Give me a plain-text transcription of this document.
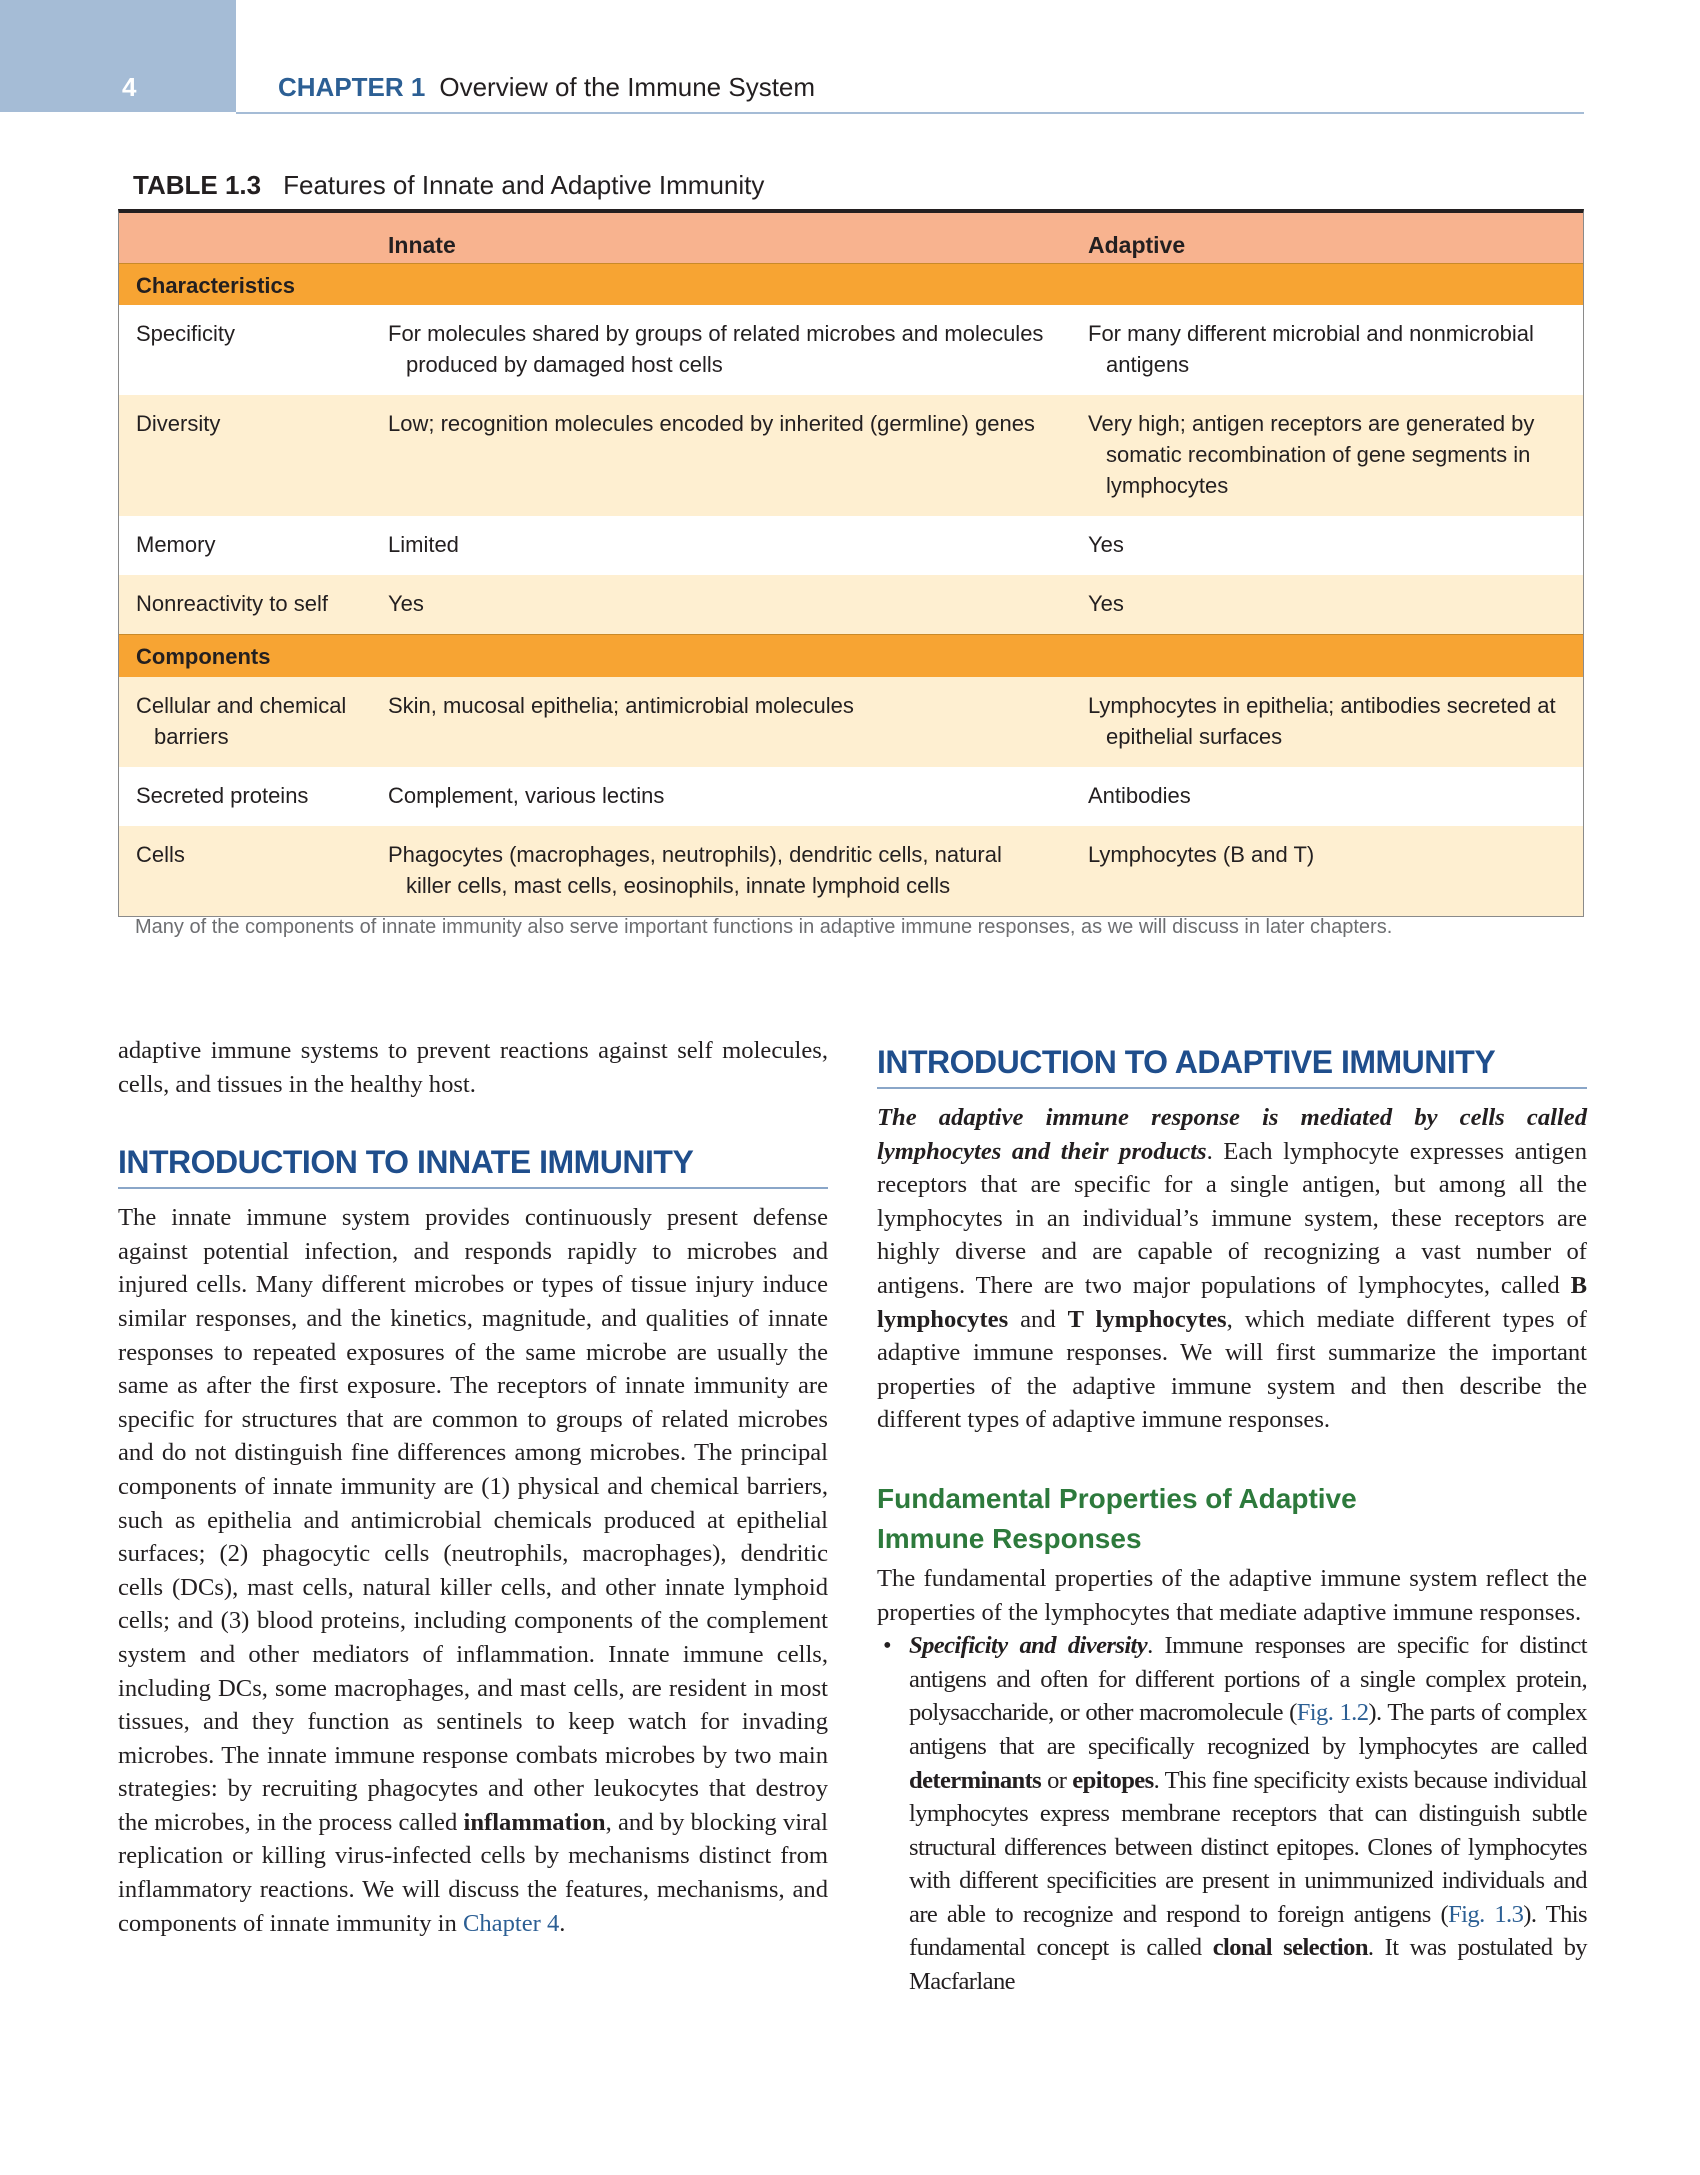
4	CHAPTER 1 Overview of the Immune System
TABLE 1.3 Features of Innate and Adaptive Immunity
	Innate	Adaptive
Characteristics		

Specificity	For molecules shared by groups of related microbes and molecules produced by damaged host cells	For many different microbial and nonmicrobial antigens

Diversity	Low; recognition molecules encoded by inherited (germline) genes	Very high; antigen receptors are generated by somatic recombination of gene segments in lymphocytes

Memory	Limited	Yes

Nonreactivity to self	Yes	Yes

Components		

Cellular and chemical barriers	Skin, mucosal epithelia; antimicrobial molecules	Lymphocytes in epithelia; antibodies secreted at epithelial surfaces

Secreted proteins	Complement, various lectins	Antibodies

Cells	Phagocytes (macrophages, neutrophils), dendritic cells, natural killer cells, mast cells, eosinophils, innate lymphoid cells	Lymphocytes (B and T)
Many of the components of innate immunity also serve important functions in adaptive immune responses, as we will discuss in later chapters.

adaptive immune systems to prevent reactions against self molecules, cells, and tissues in the healthy host.

INTRODUCTION TO INNATE IMMUNITY

The innate immune system provides continuously present defense against potential infection, and responds rapidly to microbes and injured cells. Many different microbes or types of tissue injury induce similar responses, and the kinetics, magnitude, and qualities of innate responses to repeated exposures of the same microbe are usually the same as after the first exposure. The receptors of innate immunity are specific for structures that are common to groups of related microbes and do not distinguish fine differences among microbes. The principal components of innate immunity are (1) physical and chemical barriers, such as epithelia and antimicrobial chemicals produced at epithelial surfaces; (2) phagocytic cells (neutrophils, macrophages), dendritic cells (DCs), mast cells, natural killer cells, and other innate lymphoid cells; and (3) blood proteins, including components of the complement system and other mediators of inflammation. Innate immune cells, including DCs, some macrophages, and mast cells, are resident in most tissues, and they function as sentinels to keep watch for invading microbes. The innate immune response combats microbes by two main strategies: by recruiting phagocytes and other leukocytes that destroy the microbes, in the process called inflammation, and by blocking viral replication or killing virus-infected cells by mechanisms distinct from inflammatory reactions. We will discuss the features, mechanisms, and components of innate immunity in Chapter 4.

INTRODUCTION TO ADAPTIVE IMMUNITY

The adaptive immune response is mediated by cells called lymphocytes and their products. Each lymphocyte expresses antigen receptors that are specific for a single antigen, but among all the lymphocytes in an individual’s immune system, these receptors are highly diverse and are capable of recognizing a vast number of antigens. There are two major populations of lymphocytes, called B lymphocytes and T lymphocytes, which mediate different types of adaptive immune responses. We will first summarize the important properties of the adaptive immune system and then describe the different types of adaptive immune responses.

Fundamental Properties of Adaptive
Immune Responses

The fundamental properties of the adaptive immune system reflect the properties of the lymphocytes that mediate adaptive immune responses.

• Specificity and diversity. Immune responses are specific for distinct antigens and often for different portions of a single complex protein, polysaccharide, or other macromolecule (Fig. 1.2). The parts of complex antigens that are specifically recognized by lymphocytes are called determinants or epitopes. This fine specificity exists because individual lymphocytes express membrane receptors that can distinguish subtle structural differences between distinct epitopes. Clones of lymphocytes with different specificities are present in unimmunized individuals and are able to recognize and respond to foreign antigens (Fig. 1.3). This fundamental concept is called clonal selection. It was postulated by Macfarlane
